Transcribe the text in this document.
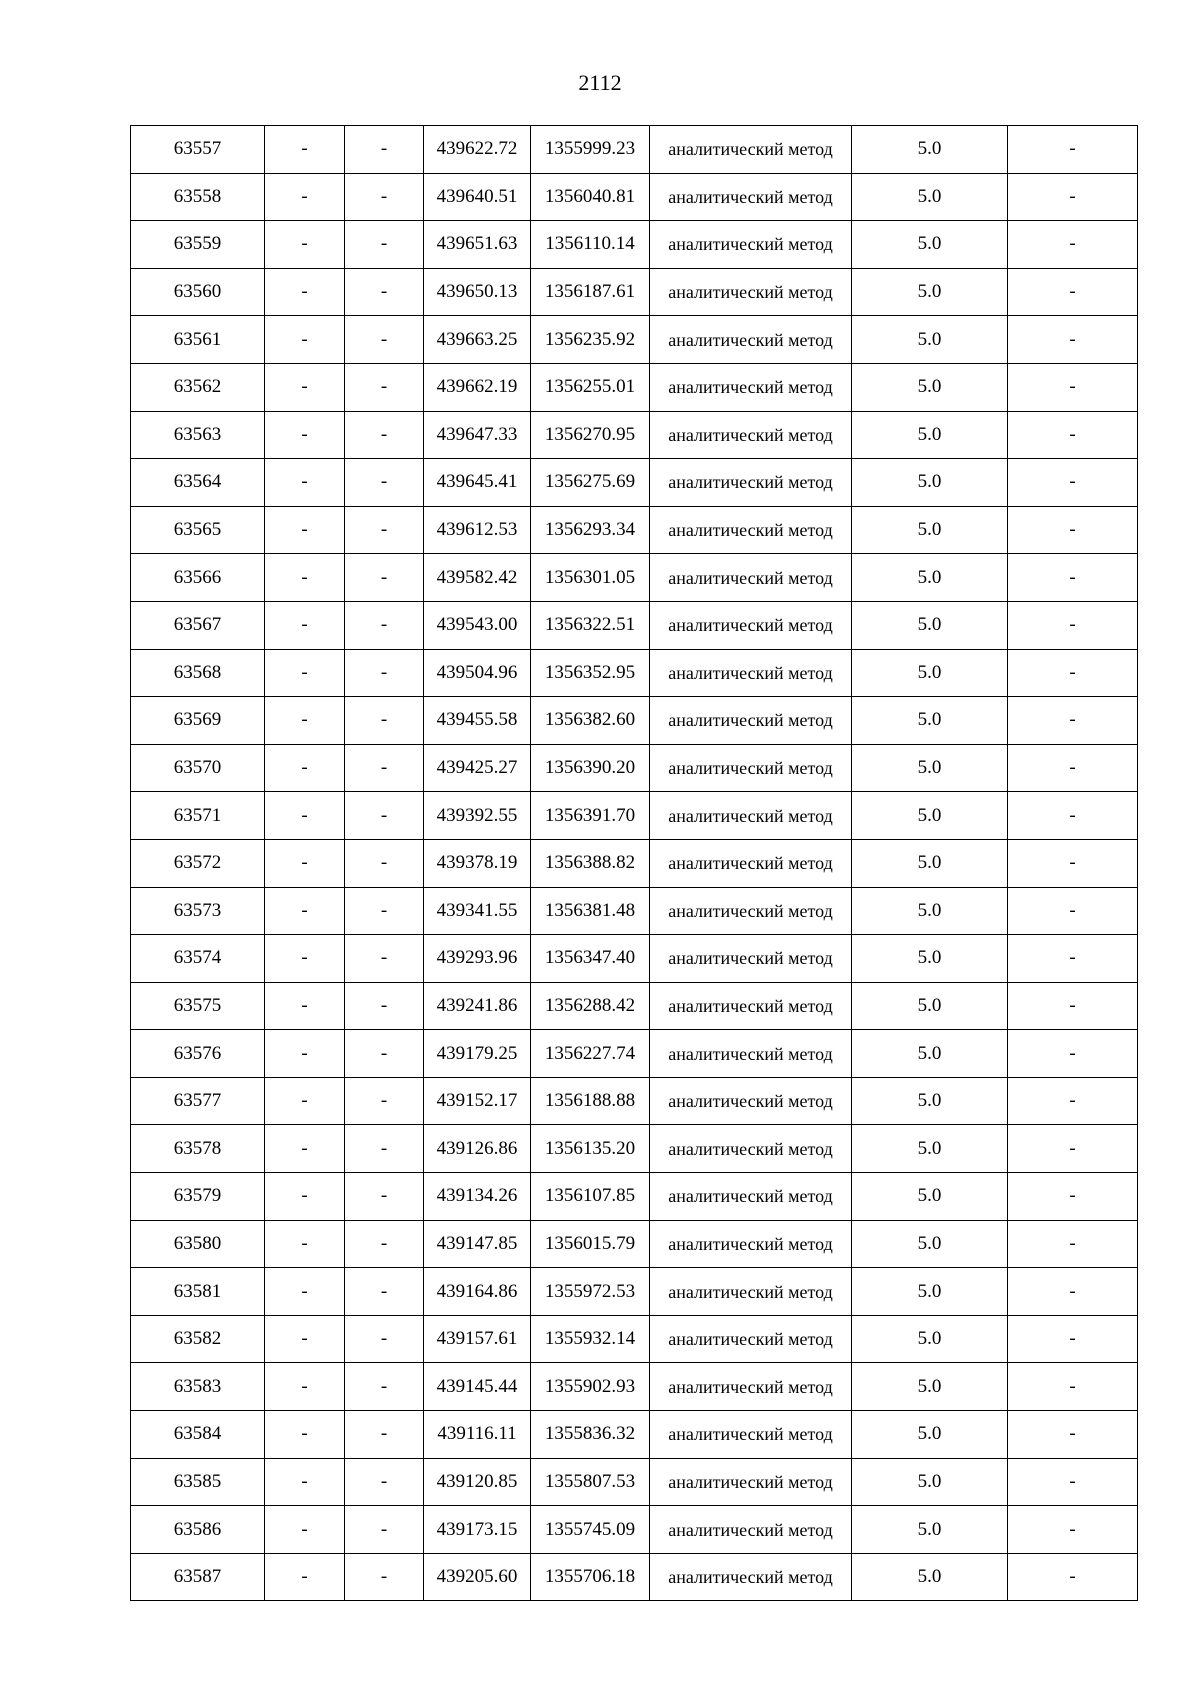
2112
63557	-	-	439622.72	1355999.23	аналитический метод	5.0	-
63558	-	-	439640.51	1356040.81	аналитический метод	5.0	-
63559	-	-	439651.63	1356110.14	аналитический метод	5.0	-
63560	-	-	439650.13	1356187.61	аналитический метод	5.0	-
63561	-	-	439663.25	1356235.92	аналитический метод	5.0	-
63562	-	-	439662.19	1356255.01	аналитический метод	5.0	-
63563	-	-	439647.33	1356270.95	аналитический метод	5.0	-
63564	-	-	439645.41	1356275.69	аналитический метод	5.0	-
63565	-	-	439612.53	1356293.34	аналитический метод	5.0	-
63566	-	-	439582.42	1356301.05	аналитический метод	5.0	-
63567	-	-	439543.00	1356322.51	аналитический метод	5.0	-
63568	-	-	439504.96	1356352.95	аналитический метод	5.0	-
63569	-	-	439455.58	1356382.60	аналитический метод	5.0	-
63570	-	-	439425.27	1356390.20	аналитический метод	5.0	-
63571	-	-	439392.55	1356391.70	аналитический метод	5.0	-
63572	-	-	439378.19	1356388.82	аналитический метод	5.0	-
63573	-	-	439341.55	1356381.48	аналитический метод	5.0	-
63574	-	-	439293.96	1356347.40	аналитический метод	5.0	-
63575	-	-	439241.86	1356288.42	аналитический метод	5.0	-
63576	-	-	439179.25	1356227.74	аналитический метод	5.0	-
63577	-	-	439152.17	1356188.88	аналитический метод	5.0	-
63578	-	-	439126.86	1356135.20	аналитический метод	5.0	-
63579	-	-	439134.26	1356107.85	аналитический метод	5.0	-
63580	-	-	439147.85	1356015.79	аналитический метод	5.0	-
63581	-	-	439164.86	1355972.53	аналитический метод	5.0	-
63582	-	-	439157.61	1355932.14	аналитический метод	5.0	-
63583	-	-	439145.44	1355902.93	аналитический метод	5.0	-
63584	-	-	439116.11	1355836.32	аналитический метод	5.0	-
63585	-	-	439120.85	1355807.53	аналитический метод	5.0	-
63586	-	-	439173.15	1355745.09	аналитический метод	5.0	-
63587	-	-	439205.60	1355706.18	аналитический метод	5.0	-
